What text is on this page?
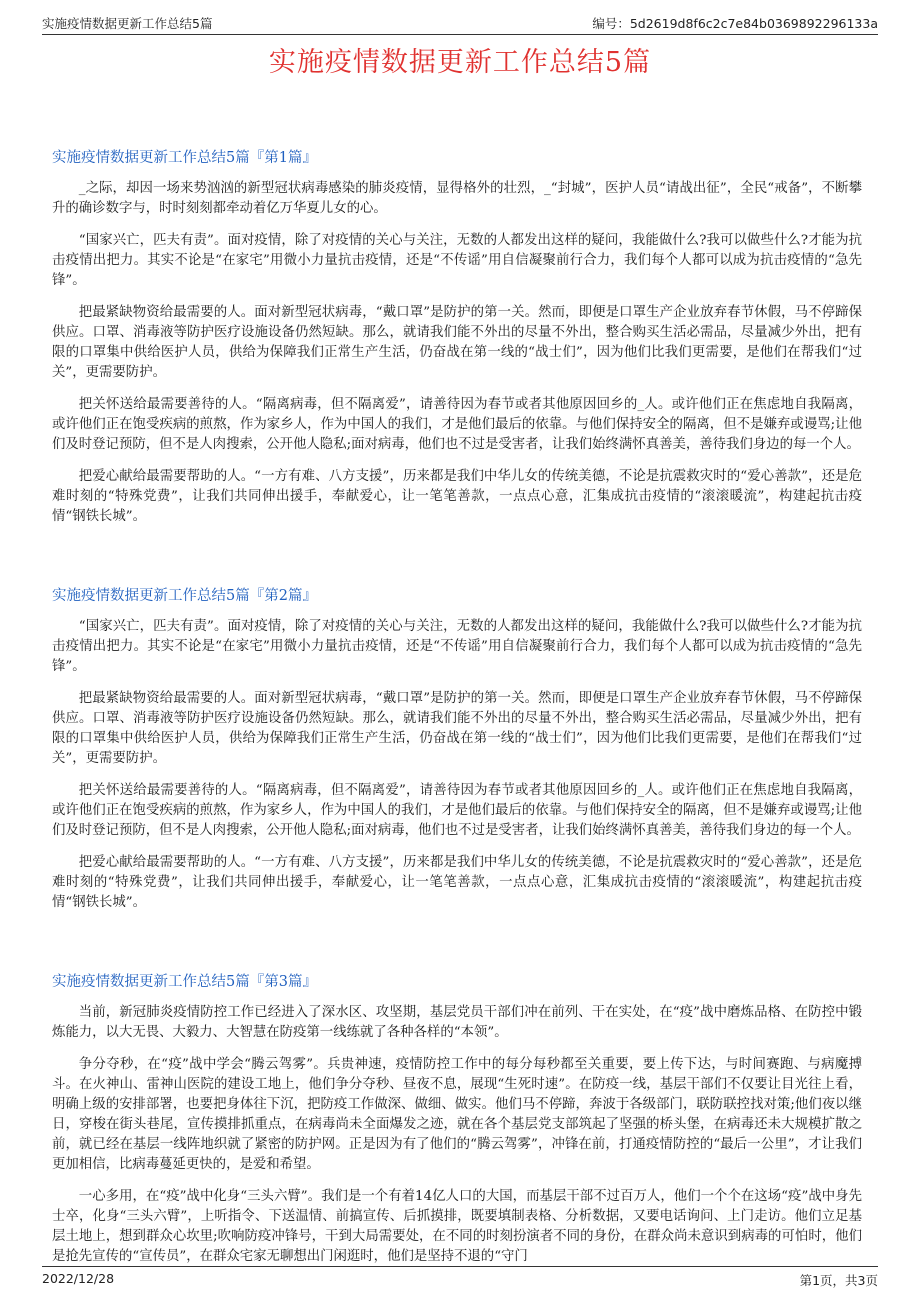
实施疫情数据更新工作总结5篇	编号：5d2619d8f6c2c7e84b0369892296133a
实施疫情数据更新工作总结5篇
实施疫情数据更新工作总结5篇『第1篇』

_之际，却因一场来势汹汹的新型冠状病毒感染的肺炎疫情，显得格外的壮烈，_“封城”，医护人员“请战出征”，全民“戒备”，不断攀升的确诊数字与，时时刻刻都牵动着亿万华夏儿女的心。

“国家兴亡，匹夫有责”。面对疫情，除了对疫情的关心与关注，无数的人都发出这样的疑问，我能做什么?我可以做些什么?才能为抗击疫情出把力。其实不论是“在家宅”用微小力量抗击疫情，还是“不传谣”用自信凝聚前行合力，我们每个人都可以成为抗击疫情的“急先锋”。

把最紧缺物资给最需要的人。面对新型冠状病毒，“戴口罩”是防护的第一关。然而，即便是口罩生产企业放弃春节休假，马不停蹄保供应。口罩、消毒液等防护医疗设施设备仍然短缺。那么，就请我们能不外出的尽量不外出，整合购买生活必需品，尽量减少外出，把有限的口罩集中供给医护人员，供给为保障我们正常生产生活，仍奋战在第一线的“战士们”，因为他们比我们更需要，是他们在帮我们“过关”，更需要防护。

把关怀送给最需要善待的人。“隔离病毒，但不隔离爱”，请善待因为春节或者其他原因回乡的_人。或许他们正在焦虑地自我隔离，或许他们正在饱受疾病的煎熬，作为家乡人，作为中国人的我们，才是他们最后的依靠。与他们保持安全的隔离，但不是嫌弃或谩骂;让他们及时登记预防，但不是人肉搜索，公开他人隐私;面对病毒，他们也不过是受害者，让我们始终满怀真善美，善待我们身边的每一个人。

把爱心献给最需要帮助的人。“一方有难、八方支援”，历来都是我们中华儿女的传统美德，不论是抗震救灾时的“爱心善款”，还是危难时刻的“特殊党费”，让我们共同伸出援手，奉献爱心，让一笔笔善款，一点点心意，汇集成抗击疫情的“滚滚暖流”，构建起抗击疫情“钢铁长城”。

实施疫情数据更新工作总结5篇『第2篇』

“国家兴亡，匹夫有责”。面对疫情，除了对疫情的关心与关注，无数的人都发出这样的疑问，我能做什么?我可以做些什么?才能为抗击疫情出把力。其实不论是“在家宅”用微小力量抗击疫情，还是“不传谣”用自信凝聚前行合力，我们每个人都可以成为抗击疫情的“急先锋”。

把最紧缺物资给最需要的人。面对新型冠状病毒，“戴口罩”是防护的第一关。然而，即便是口罩生产企业放弃春节休假，马不停蹄保供应。口罩、消毒液等防护医疗设施设备仍然短缺。那么，就请我们能不外出的尽量不外出，整合购买生活必需品，尽量减少外出，把有限的口罩集中供给医护人员，供给为保障我们正常生产生活，仍奋战在第一线的“战士们”，因为他们比我们更需要，是他们在帮我们“过关”，更需要防护。

把关怀送给最需要善待的人。“隔离病毒，但不隔离爱”，请善待因为春节或者其他原因回乡的_人。或许他们正在焦虑地自我隔离，或许他们正在饱受疾病的煎熬，作为家乡人，作为中国人的我们，才是他们最后的依靠。与他们保持安全的隔离，但不是嫌弃或谩骂;让他们及时登记预防，但不是人肉搜索，公开他人隐私;面对病毒，他们也不过是受害者，让我们始终满怀真善美，善待我们身边的每一个人。

把爱心献给最需要帮助的人。“一方有难、八方支援”，历来都是我们中华儿女的传统美德，不论是抗震救灾时的“爱心善款”，还是危难时刻的“特殊党费”，让我们共同伸出援手，奉献爱心，让一笔笔善款，一点点心意，汇集成抗击疫情的“滚滚暖流”，构建起抗击疫情“钢铁长城”。

实施疫情数据更新工作总结5篇『第3篇』

当前，新冠肺炎疫情防控工作已经进入了深水区、攻坚期，基层党员干部们冲在前列、干在实处，在“疫”战中磨炼品格、在防控中锻炼能力，以大无畏、大毅力、大智慧在防疫第一线练就了各种各样的“本领”。

争分夺秒，在“疫”战中学会“腾云驾雾”。兵贵神速，疫情防控工作中的每分每秒都至关重要，要上传下达，与时间赛跑、与病魔搏斗。在火神山、雷神山医院的建设工地上，他们争分夺秒、昼夜不息，展现“生死时速”。在防疫一线，基层干部们不仅要让目光往上看，明确上级的安排部署，也要把身体往下沉，把防疫工作做深、做细、做实。他们马不停蹄，奔波于各级部门，联防联控找对策;他们夜以继日，穿梭在街头巷尾，宣传摸排抓重点，在病毒尚未全面爆发之迹，就在各个基层党支部筑起了坚强的桥头堡，在病毒还未大规模扩散之前，就已经在基层一线阵地织就了紧密的防护网。正是因为有了他们的“腾云驾雾”，冲锋在前，打通疫情防控的“最后一公里”，才让我们更加相信，比病毒蔓延更快的，是爱和希望。

一心多用，在“疫”战中化身“三头六臂”。我们是一个有着14亿人口的大国，而基层干部不过百万人，他们一个个在这场“疫”战中身先士卒，化身“三头六臂”，上听指令、下送温情、前搞宣传、后抓摸排，既要填制表格、分析数据，又要电话询问、上门走访。他们立足基层土地上，想到群众心坎里;吹响防疫冲锋号，干到大局需要处，在不同的时刻扮演者不同的身份，在群众尚未意识到病毒的可怕时，他们是抢先宣传的“宣传员”，在群众宅家无聊想出门闲逛时，他们是坚持不退的“守门

2022/12/28	第1页，共3页
